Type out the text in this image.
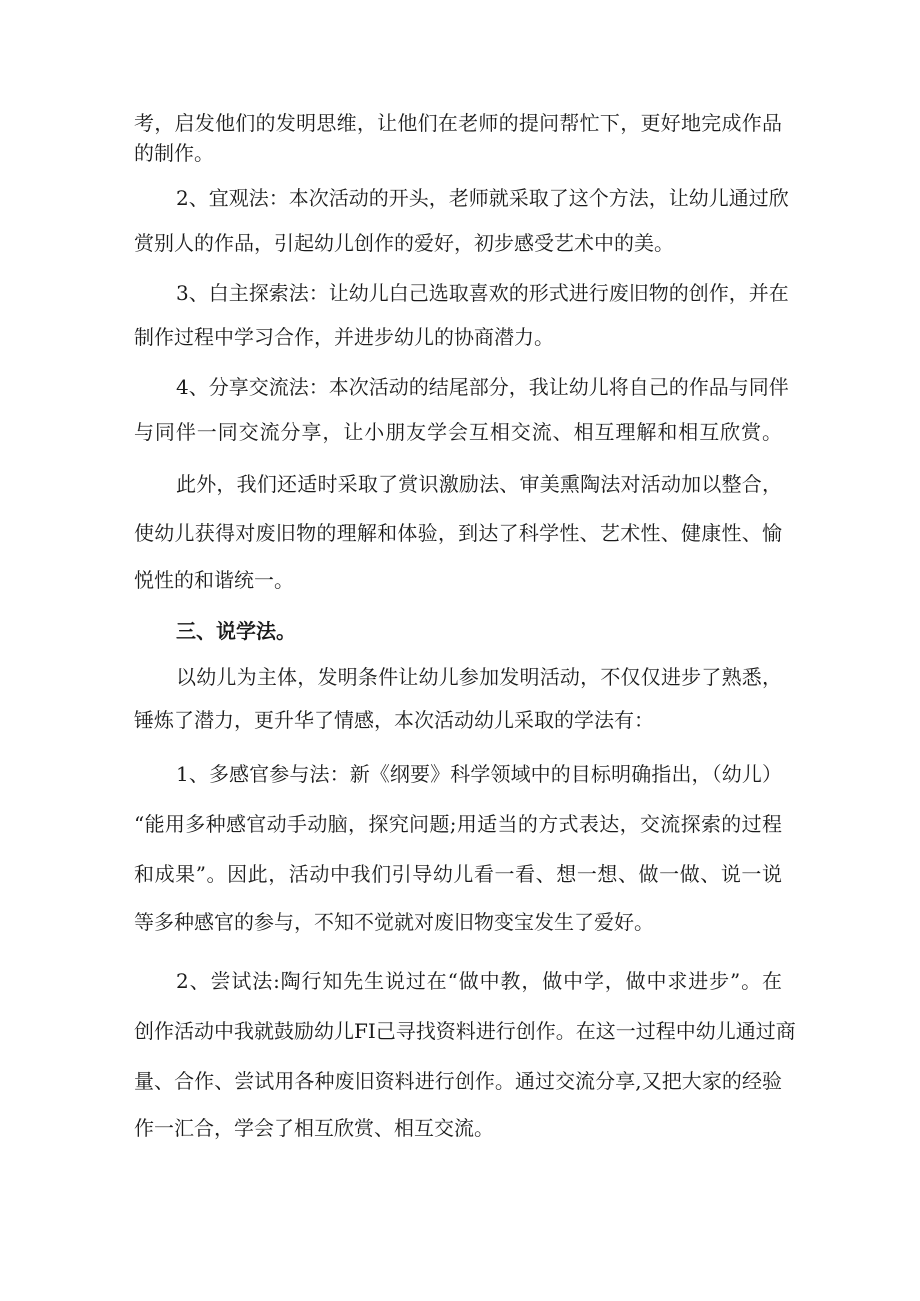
考，启发他们的发明思维，让他们在老师的提问帮忙下，更好地完成作品
的制作。
2、宜观法：本次活动的开头，老师就采取了这个方法，让幼儿通过欣
赏别人的作品，引起幼儿创作的爱好，初步感受艺术中的美。
3、白主探索法：让幼儿白己选取喜欢的形式进行废旧物的创作，并在
制作过程中学习合作，并进步幼儿的协商潜力。
4、分享交流法：本次活动的结尾部分，我让幼儿将自己的作品与同伴
与同伴一同交流分享，让小朋友学会互相交流、相互理解和相互欣赏。
此外，我们还适时采取了赏识激励法、审美熏陶法对活动加以整合，
使幼儿获得对废旧物的理解和体验，到达了科学性、艺术性、健康性、愉
悦性的和谐统一。
三、说学法。
以幼儿为主体，发明条件让幼儿参加发明活动，不仅仅进步了熟悉，
锤炼了潜力，更升华了情感，本次活动幼儿采取的学法有：
1、多感官参与法：新《纲要》科学领域中的目标明确指出，（幼儿）
“能用多种感官动手动脑，探究问题;用适当的方式表达，交流探索的过程
和成果”。因此，活动中我们引导幼儿看一看、想一想、做一做、说一说
等多种感官的参与，不知不觉就对废旧物变宝发生了爱好。
2、尝试法:陶行知先生说过在“做中教，做中学，做中求进步”。在
创作活动中我就鼓励幼儿FI己寻找资料进行创作。在这一过程中幼儿通过商
量、合作、尝试用各种废旧资料进行创作。通过交流分享,又把大家的经验
作一汇合，学会了相互欣赏、相互交流。
